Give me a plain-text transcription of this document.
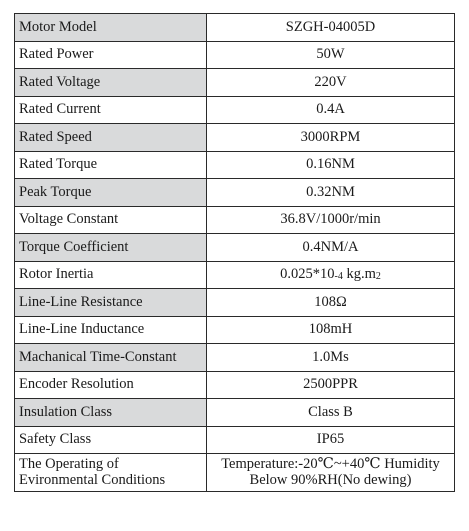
Motor Model	SZGH-04005D
Rated Power	50W
Rated Voltage	220V
Rated Current	0.4A
Rated Speed	3000RPM
Rated Torque	0.16NM
Peak Torque	0.32NM
Voltage Constant	36.8V/1000r/min
Torque Coefficient	0.4NM/A
Rotor Inertia	$0.025*10_{-4}$ $kg.m_2$
Line-Line Resistance	108Ω
Line-Line Inductance	108mH
Machanical Time-Constant	1.0Ms
Encoder Resolution	2500PPR
Insulation Class	Class B
Safety Class	IP65

The Operating of
Evironmental Conditions	Temperature:-20℃~+40℃ Humidity
Below 90%RH(No dewing)
